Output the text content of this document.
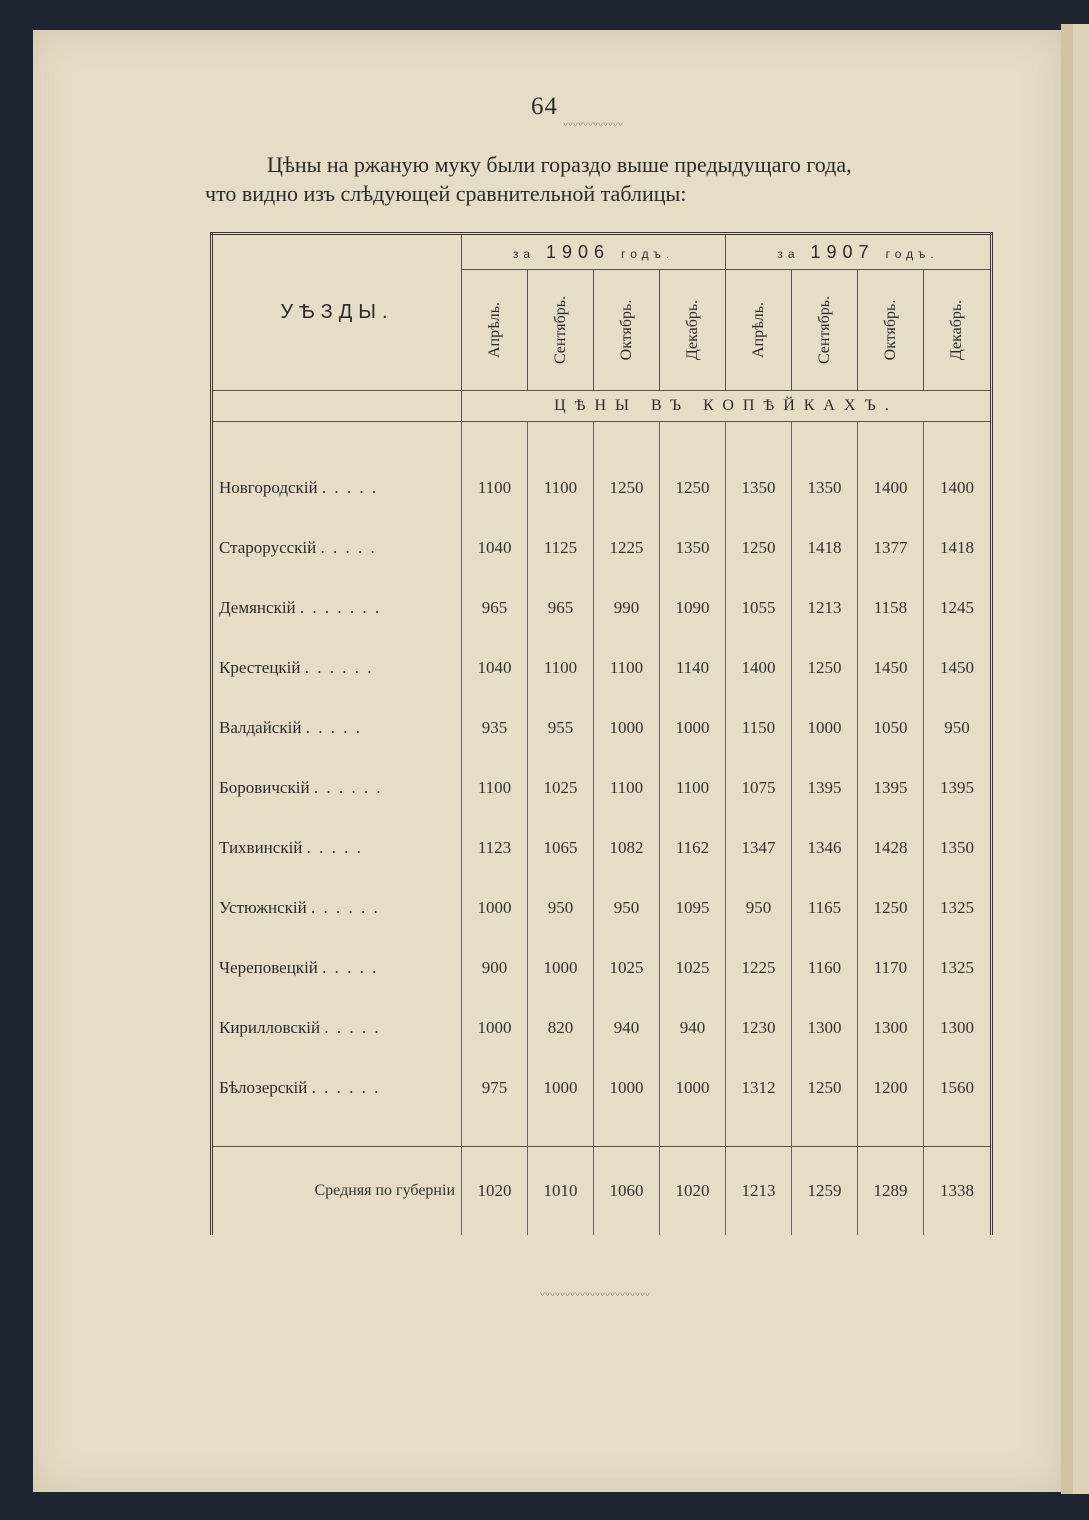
64
〰〰〰〰〰〰
Цѣны на ржаную муку были гораздо выше предыдущаго года,
что видно изъ слѣдующей сравнительной таблицы:
УѢЗДЫ.	за 1906 годъ.				за 1907 годъ.			

	Апрѣль.	Сентябрь.	Октябрь.	Декабрь.	Апрѣль.	Сентябрь.	Октябрь.	Декабрь.

	ЦѢНЫ ВЪ КОПѢЙКАХЪ.							

Новгородскій . . . . .	1100	1100	1250	1250	1350	1350	1400	1400
Старорусскій . . . . .	1040	1125	1225	1350	1250	1418	1377	1418
Демянскій . . . . . . .	965	965	990	1090	1055	1213	1158	1245
Крестецкій . . . . . .	1040	1100	1100	1140	1400	1250	1450	1450
Валдайскій . . . . .	935	955	1000	1000	1150	1000	1050	950
Боровичскій . . . . . .	1100	1025	1100	1100	1075	1395	1395	1395
Тихвинскій . . . . .	1123	1065	1082	1162	1347	1346	1428	1350
Устюжнскій . . . . . .	1000	950	950	1095	950	1165	1250	1325
Череповецкій . . . . .	900	1000	1025	1025	1225	1160	1170	1325
Кирилловскій . . . . .	1000	820	940	940	1230	1300	1300	1300
Бѣлозерскій . . . . . .	975	1000	1000	1000	1312	1250	1200	1560

Средняя по губерніи	1020	1010	1060	1020	1213	1259	1289	1338
〰〰〰〰〰〰〰〰〰〰〰
